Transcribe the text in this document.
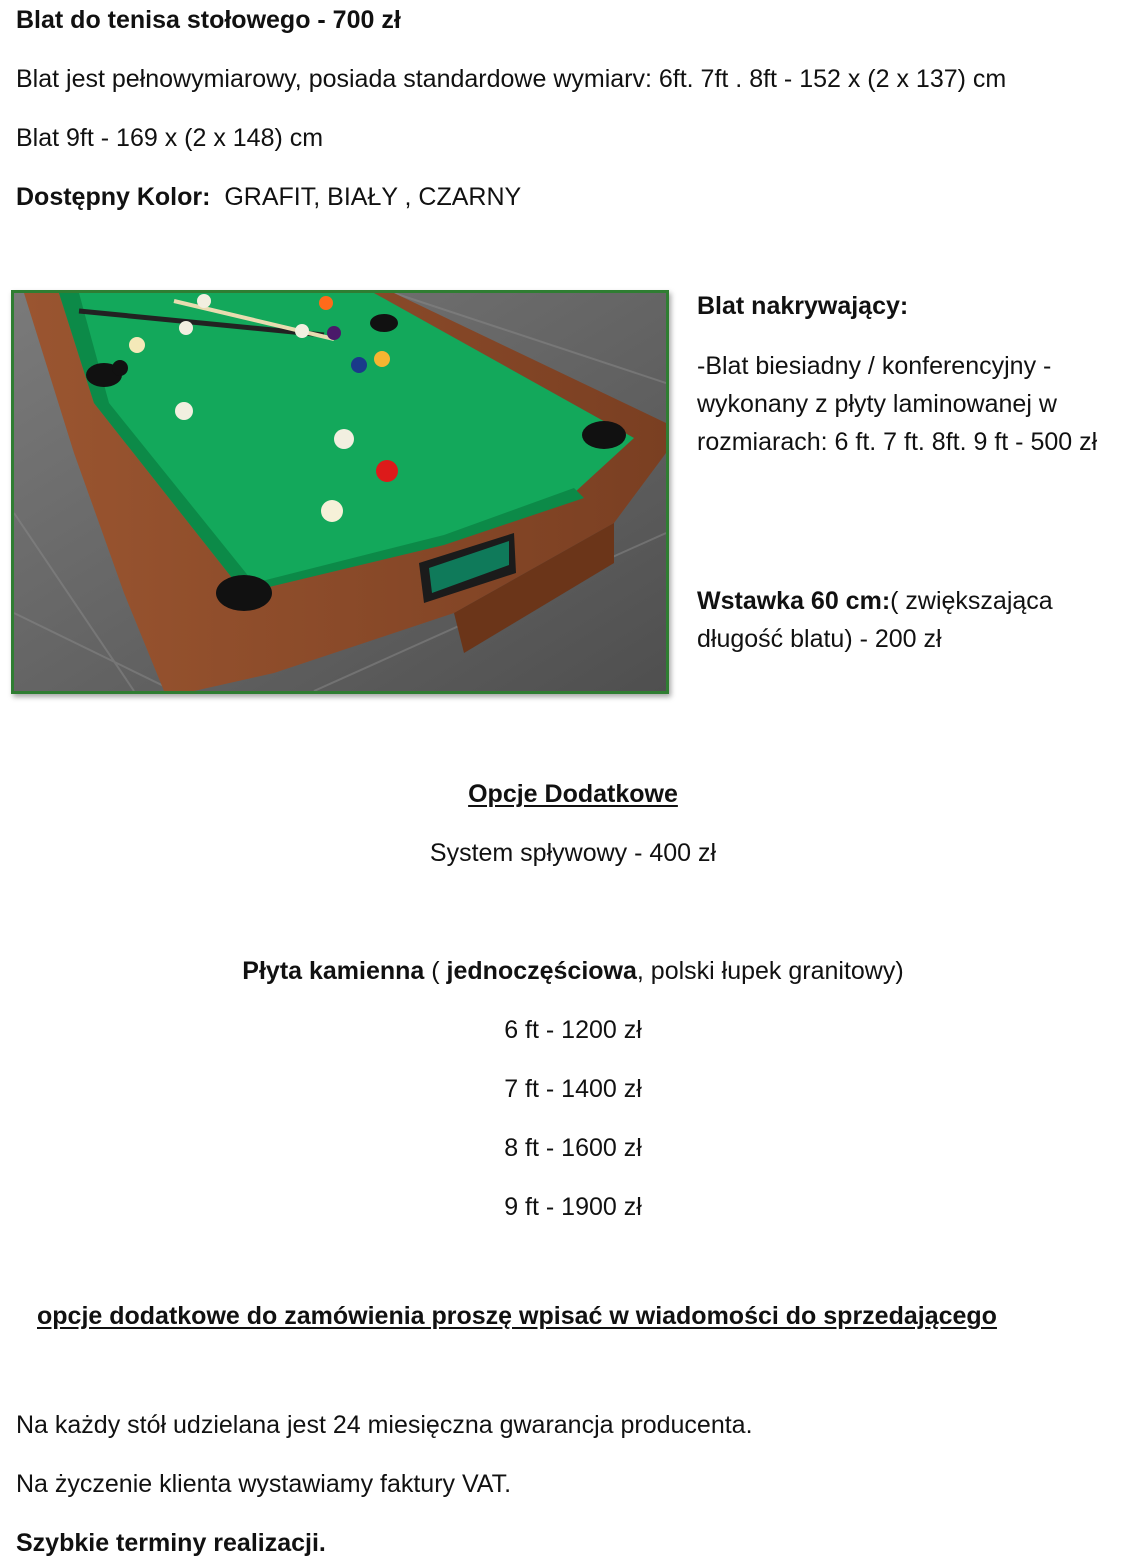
Blat do tenisa stołowego - 700 zł

Blat jest pełnowymiarowy, posiada standardowe wymiarv: 6ft. 7ft . 8ft - 152 x (2 x 137) cm

Blat 9ft - 169 x (2 x 148) cm

Dostępny Kolor: GRAFIT, BIAŁY , CZARNY

Blat nakrywający:

-Blat biesiadny / konferencyjny - wykonany z płyty laminowanej w rozmiarach: 6 ft. 7 ft. 8ft. 9 ft - 500 zł

Wstawka 60 cm:( zwiększająca długość blatu) - 200 zł

Opcje Dodatkowe

System spływowy - 400 zł

Płyta kamienna ( jednoczęściowa, polski łupek granitowy)

6 ft - 1200 zł

7 ft - 1400 zł

8 ft - 1600 zł

9 ft - 1900 zł

opcje dodatkowe do zamówienia proszę wpisać w wiadomości do sprzedającego

Na każdy stół udzielana jest 24 miesięczna gwarancja producenta.

Na życzenie klienta wystawiamy faktury VAT.

Szybkie terminy realizacji.
